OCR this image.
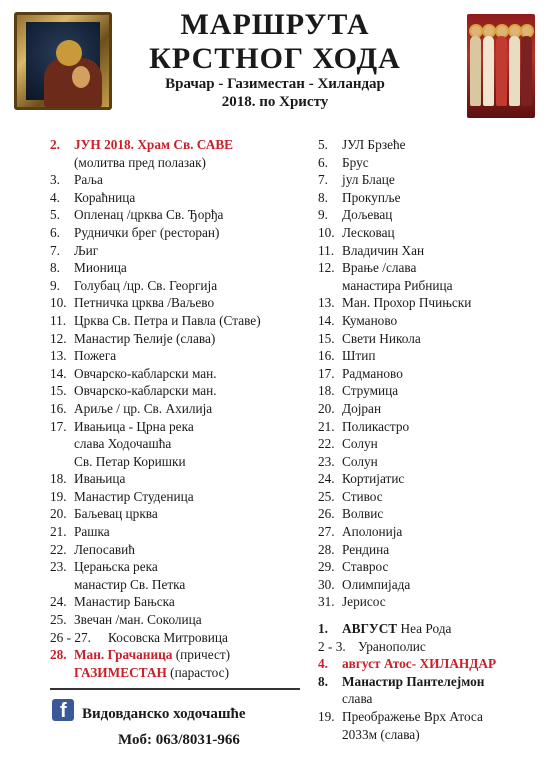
МАРШРУТА
КРСТНОГ ХОДА
Врачар - Газиместан - Хиландар
2018. по Христу
2.	ЈУН 2018. Храм Св. САВЕ
(молитва пред полазак)
3.	Раља
4.	Корaћница
5.	Опленац /црква Св. Ђорђа
6.	Руднички брег (ресторан)
7.	Љиг
8.	Мионица
9.	Голубац /цр. Св. Георгија
10. Петничка црква /Ваљево
11. Црква Св. Петра и Павла (Ставе)
12. Манастир Ћелије (слава)
13. Пожега
14. Овчарско-кабларски ман.
15. Овчарско-кабларски ман.
16. Ариље / цр. Св. Ахилија
17. Ивањица - Црна река
слава Ходочашћа
Св. Петар Коришки
18. Ивањица
19. Манастир Студеница
20. Баљевац црква
21. Рашка
22. Лепосавић
23. Церањска река
манастир Св. Петка
24. Манастир Бањска
25. Звечан /ман. Соколица
26 - 27.	Косовска Митровица
28. Ман. Грачаница (причест)
ГАЗИМЕСТАН (парастос)
5.	ЈУЛ Брзеће
6.	Брус
7.	јул Блаце
8.	Прокупље
9.	Дољевац
10. Лесковац
11. Владичин Хан
12. Врање /слава
манастира Рибница
13. Ман. Прохор Пчињски
14. Куманово
15. Свети Никола
16. Штип
17. Радманово
18. Струмица
20. Дојран
21. Поликастро
22. Солун
23. Солун
24. Кортијатис
25. Стивос
26. Волвис
27. Аполонија
28. Рендина
29. Ставрос
30. Олимпијада
31. Јерисос
1.	АВГУСТ Неа Рода
2 - 3. Уранополис
4.	август Атос- ХИЛАНДАР
8.	Манастир Пантелејмон
слава
19. Преображење Врх Атоса
2033м (слава)
f Видовданско ходочашће
Моб: 063/8031-966
